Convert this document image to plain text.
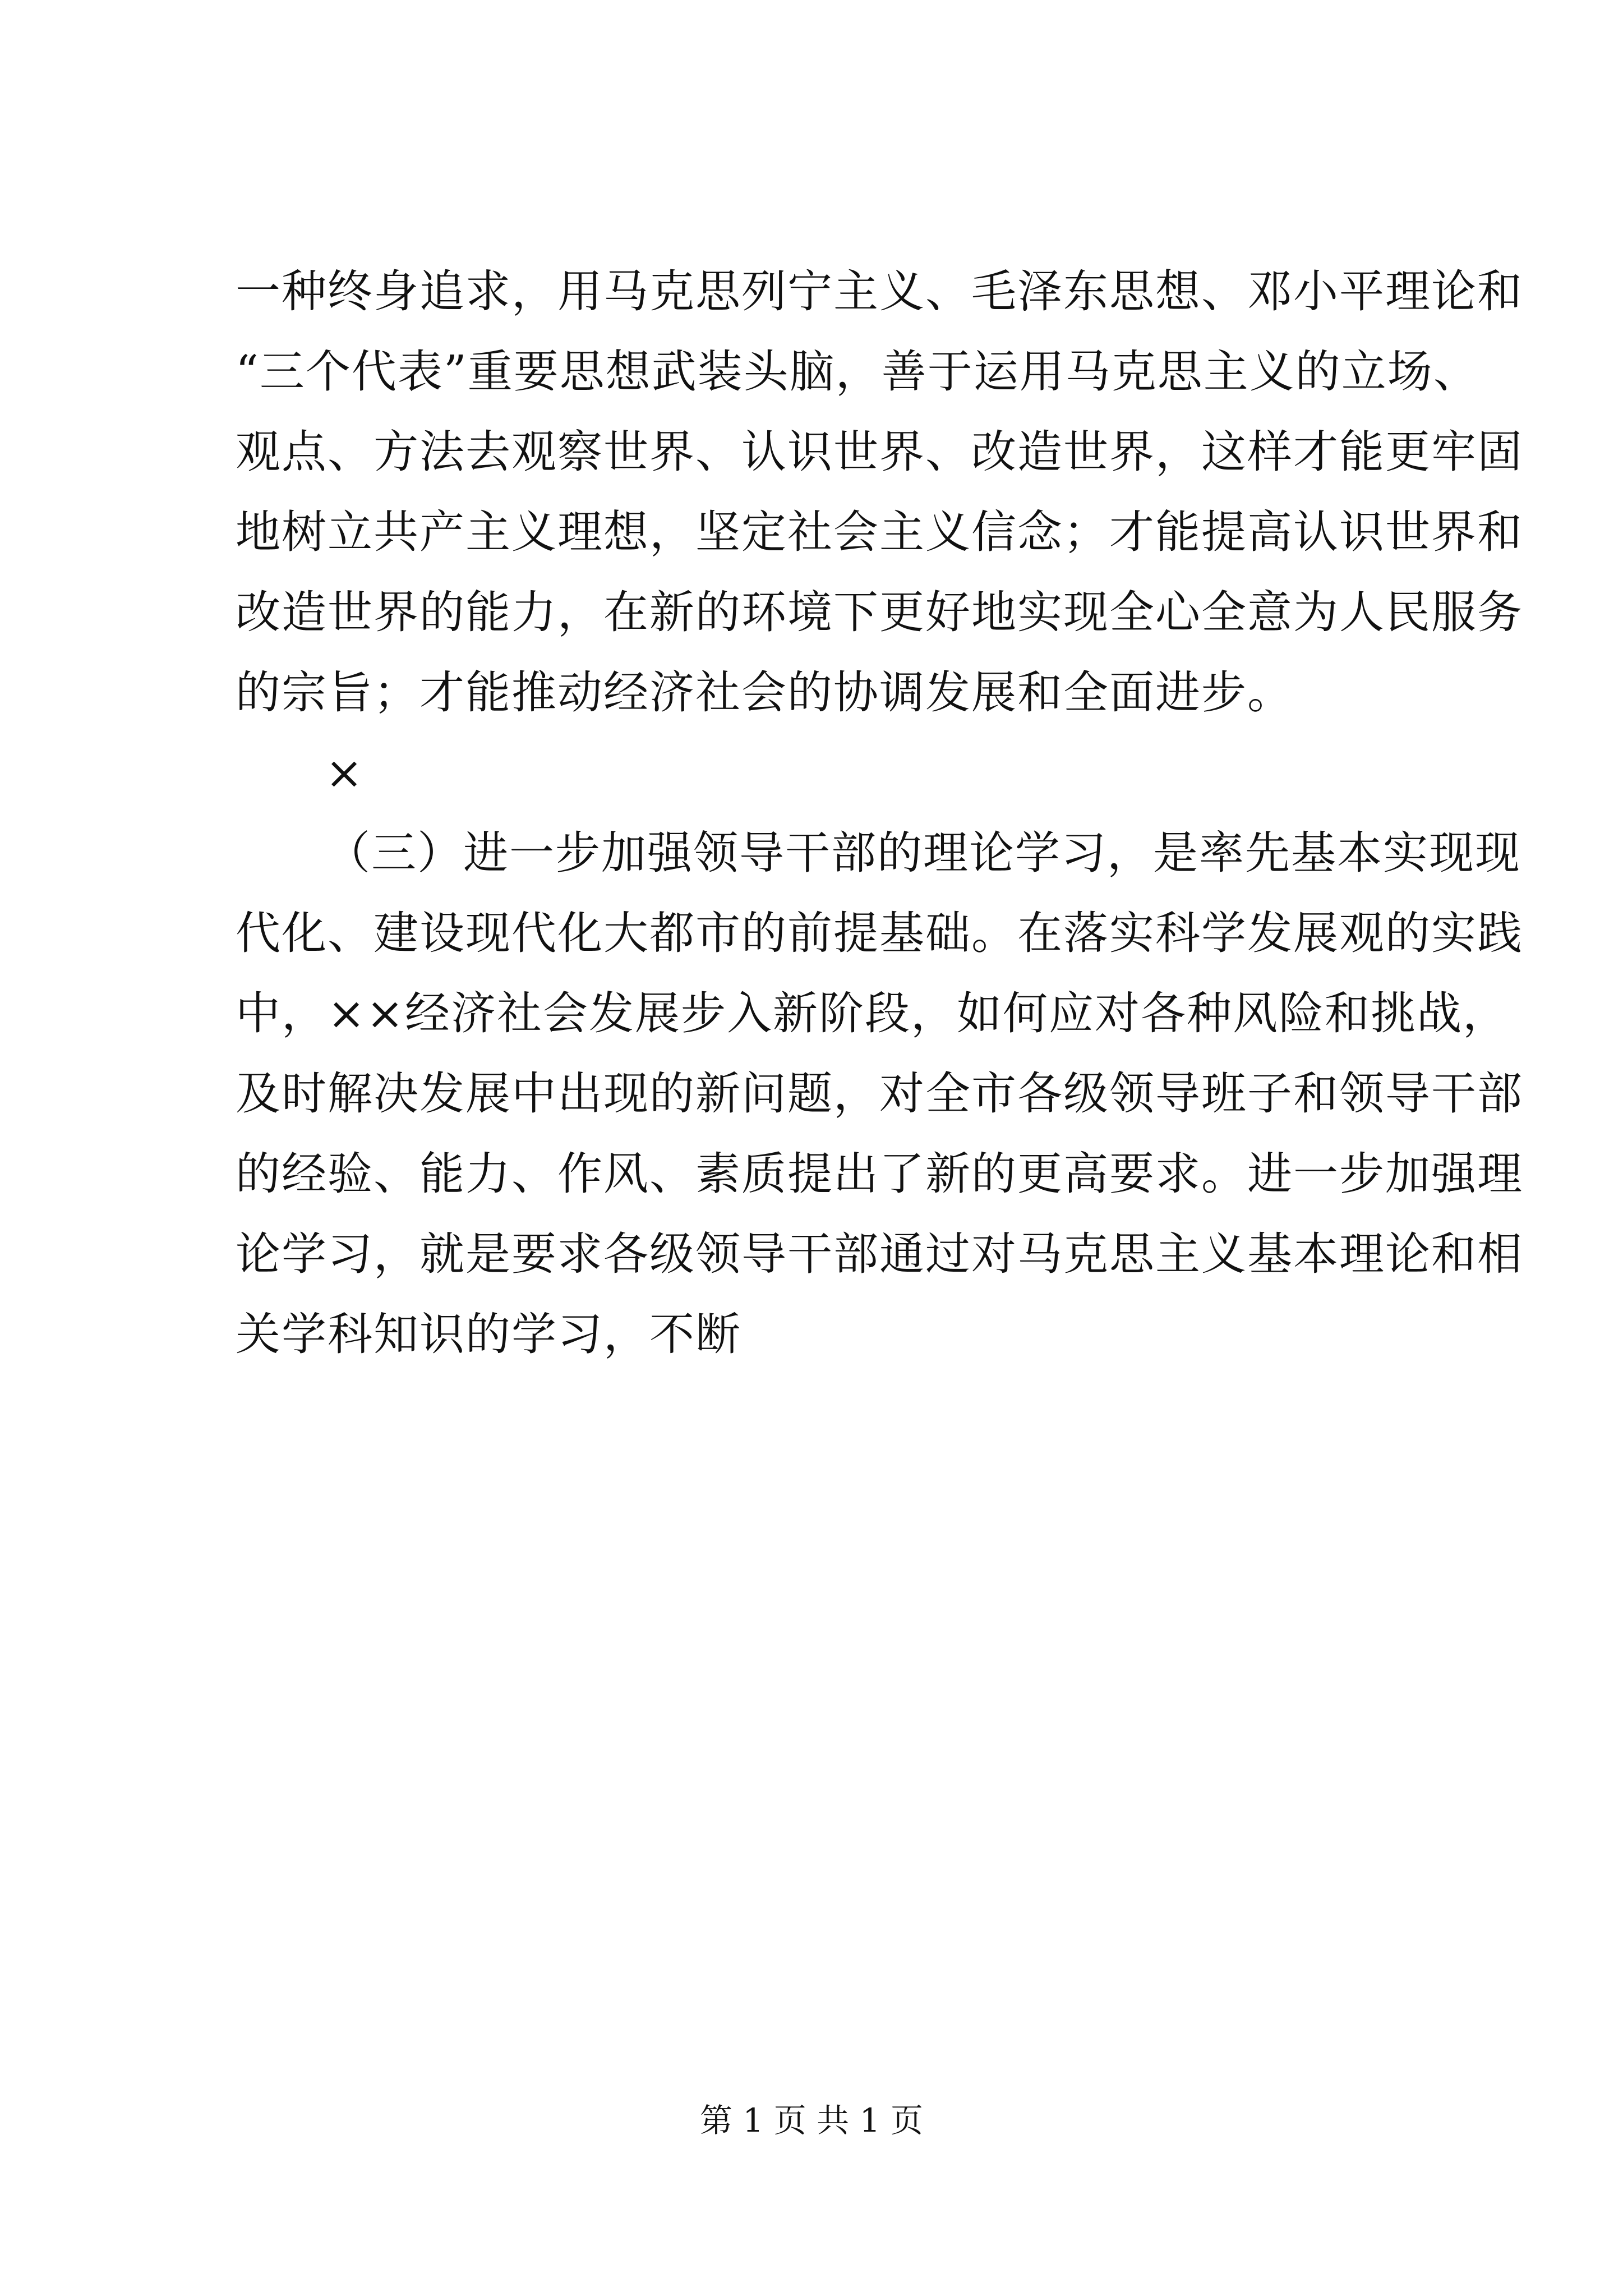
一种终身追求，用马克思列宁主义、毛泽东思想、邓小平理论和
“三个代表”重要思想武装头脑，善于运用马克思主义的立场、
观点、方法去观察世界、认识世界、改造世界，这样才能更牢固
地树立共产主义理想，坚定社会主义信念；才能提高认识世界和
改造世界的能力，在新的环境下更好地实现全心全意为人民服务
的宗旨；才能推动经济社会的协调发展和全面进步。
×
（三）进一步加强领导干部的理论学习，是率先基本实现现
代化、建设现代化大都市的前提基础。在落实科学发展观的实践
中，××经济社会发展步入新阶段，如何应对各种风险和挑战，
及时解决发展中出现的新问题，对全市各级领导班子和领导干部
的经验、能力、作风、素质提出了新的更高要求。进一步加强理
论学习，就是要求各级领导干部通过对马克思主义基本理论和相
关学科知识的学习，不断
第 1 页 共 1 页
